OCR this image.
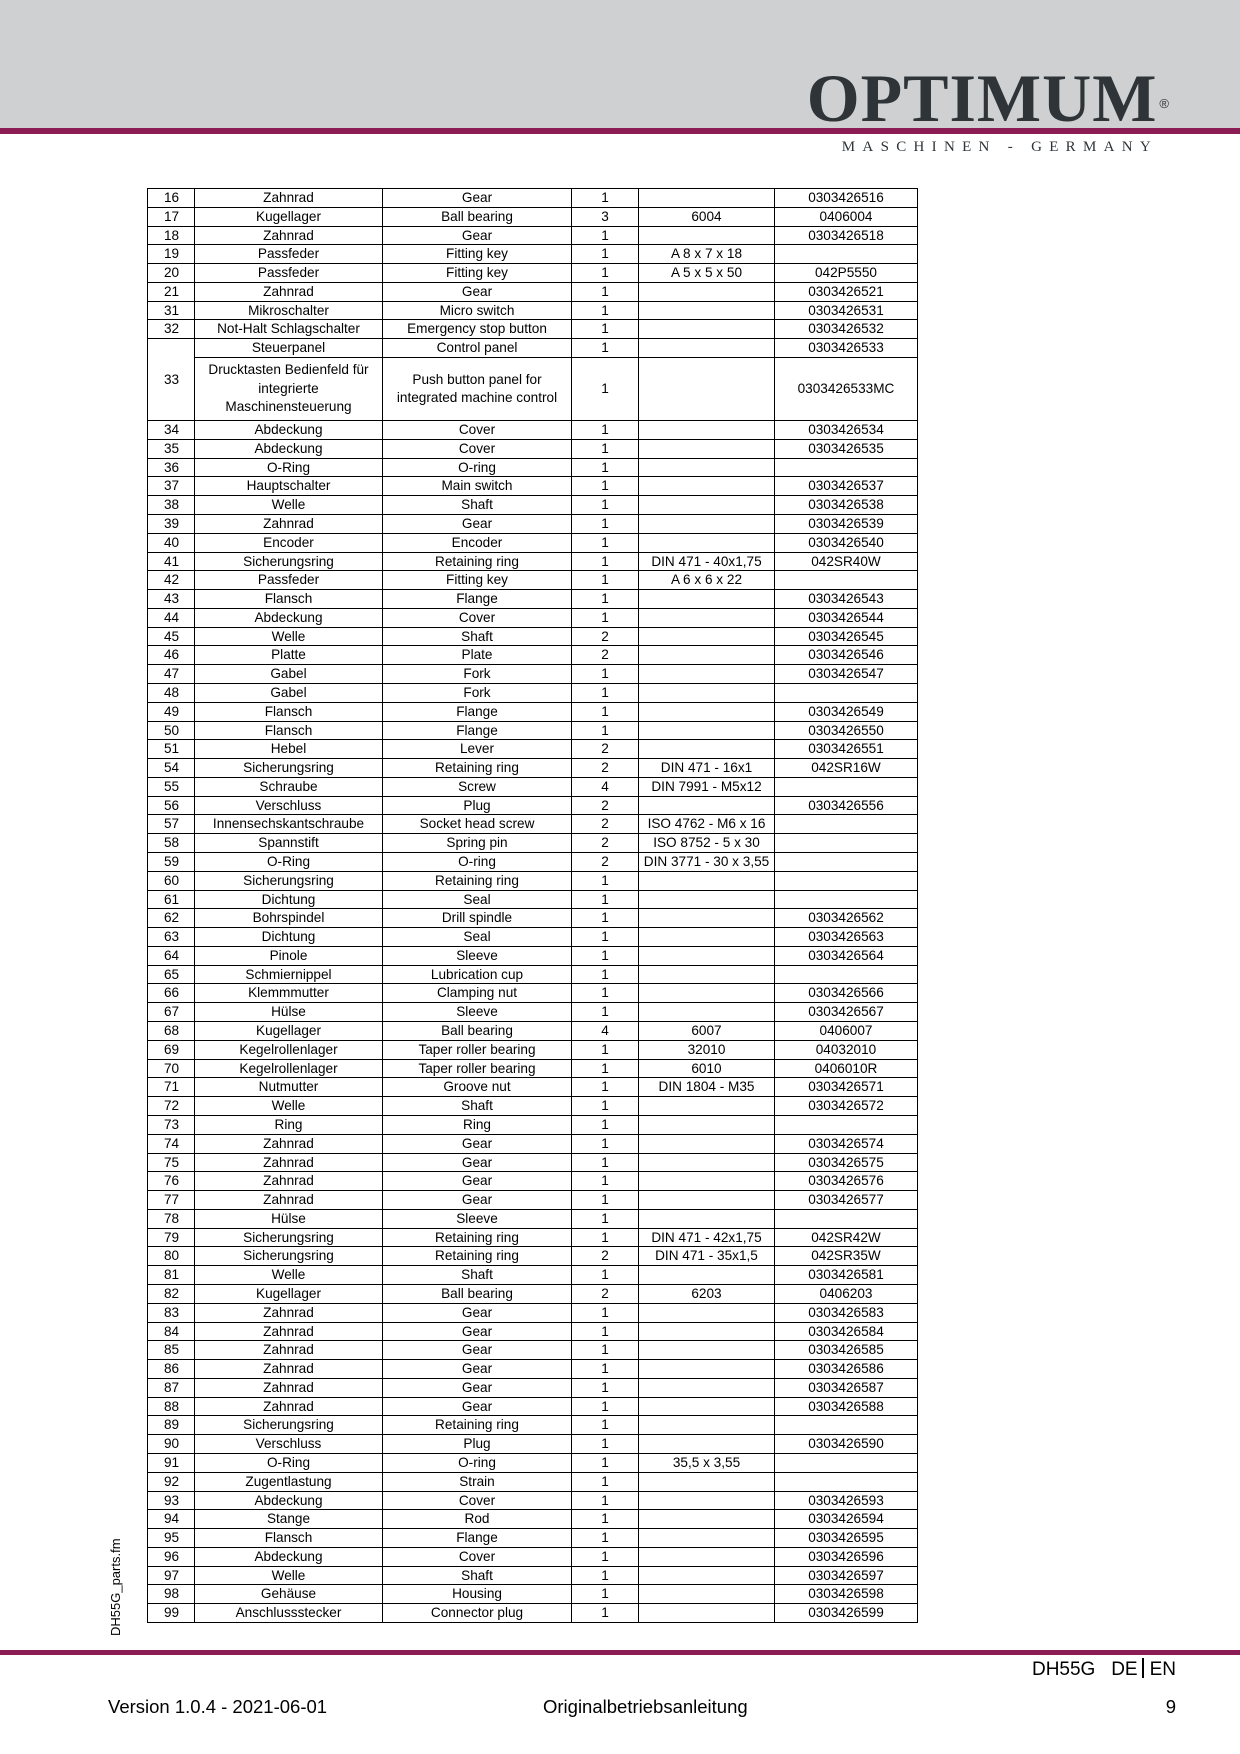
OPTIMUM ®
MASCHINEN - GERMANY
DH55G_parts.fm
16	Zahnrad	Gear	1		0303426516
17	Kugellager	Ball bearing	3	6004	0406004
18	Zahnrad	Gear	1		0303426518
19	Passfeder	Fitting key	1	A 8 x 7 x 18	
20	Passfeder	Fitting key	1	A 5 x 5 x 50	042P5550
21	Zahnrad	Gear	1		0303426521
31	Mikroschalter	Micro switch	1		0303426531
32	Not-Halt Schlagschalter	Emergency stop button	1		0303426532
33	Steuerpanel	Control panel	1		0303426533
	Drucktasten Bedienfeld für integrierte Maschinensteuerung	Push button panel for integrated machine control	1		0303426533MC
34	Abdeckung	Cover	1		0303426534
35	Abdeckung	Cover	1		0303426535
36	O-Ring	O-ring	1		
37	Hauptschalter	Main switch	1		0303426537
38	Welle	Shaft	1		0303426538
39	Zahnrad	Gear	1		0303426539
40	Encoder	Encoder	1		0303426540
41	Sicherungsring	Retaining ring	1	DIN 471 - 40x1,75	042SR40W
42	Passfeder	Fitting key	1	A 6 x 6 x 22	
43	Flansch	Flange	1		0303426543
44	Abdeckung	Cover	1		0303426544
45	Welle	Shaft	2		0303426545
46	Platte	Plate	2		0303426546
47	Gabel	Fork	1		0303426547
48	Gabel	Fork	1		
49	Flansch	Flange	1		0303426549
50	Flansch	Flange	1		0303426550
51	Hebel	Lever	2		0303426551
54	Sicherungsring	Retaining ring	2	DIN 471 - 16x1	042SR16W
55	Schraube	Screw	4	DIN 7991 - M5x12	
56	Verschluss	Plug	2		0303426556
57	Innensechskantschraube	Socket head screw	2	ISO 4762 - M6 x 16	
58	Spannstift	Spring pin	2	ISO 8752 - 5 x 30	
59	O-Ring	O-ring	2	DIN 3771 - 30 x 3,55	
60	Sicherungsring	Retaining ring	1		
61	Dichtung	Seal	1		
62	Bohrspindel	Drill spindle	1		0303426562
63	Dichtung	Seal	1		0303426563
64	Pinole	Sleeve	1		0303426564
65	Schmiernippel	Lubrication cup	1		
66	Klemmmutter	Clamping nut	1		0303426566
67	Hülse	Sleeve	1		0303426567
68	Kugellager	Ball bearing	4	6007	0406007
69	Kegelrollenlager	Taper roller bearing	1	32010	04032010
70	Kegelrollenlager	Taper roller bearing	1	6010	0406010R
71	Nutmutter	Groove nut	1	DIN 1804 - M35	0303426571
72	Welle	Shaft	1		0303426572
73	Ring	Ring	1		
74	Zahnrad	Gear	1		0303426574
75	Zahnrad	Gear	1		0303426575
76	Zahnrad	Gear	1		0303426576
77	Zahnrad	Gear	1		0303426577
78	Hülse	Sleeve	1		
79	Sicherungsring	Retaining ring	1	DIN 471 - 42x1,75	042SR42W
80	Sicherungsring	Retaining ring	2	DIN 471 - 35x1,5	042SR35W
81	Welle	Shaft	1		0303426581
82	Kugellager	Ball bearing	2	6203	0406203
83	Zahnrad	Gear	1		0303426583
84	Zahnrad	Gear	1		0303426584
85	Zahnrad	Gear	1		0303426585
86	Zahnrad	Gear	1		0303426586
87	Zahnrad	Gear	1		0303426587
88	Zahnrad	Gear	1		0303426588
89	Sicherungsring	Retaining ring	1		
90	Verschluss	Plug	1		0303426590
91	O-Ring	O-ring	1	35,5 x 3,55	
92	Zugentlastung	Strain	1		
93	Abdeckung	Cover	1		0303426593
94	Stange	Rod	1		0303426594
95	Flansch	Flange	1		0303426595
96	Abdeckung	Cover	1		0303426596
97	Welle	Shaft	1		0303426597
98	Gehäuse	Housing	1		0303426598
99	Anschlussstecker	Connector plug	1		0303426599
DH55G DE EN
Version 1.0.4 - 2021-06-01	Originalbetriebsanleitung	9
